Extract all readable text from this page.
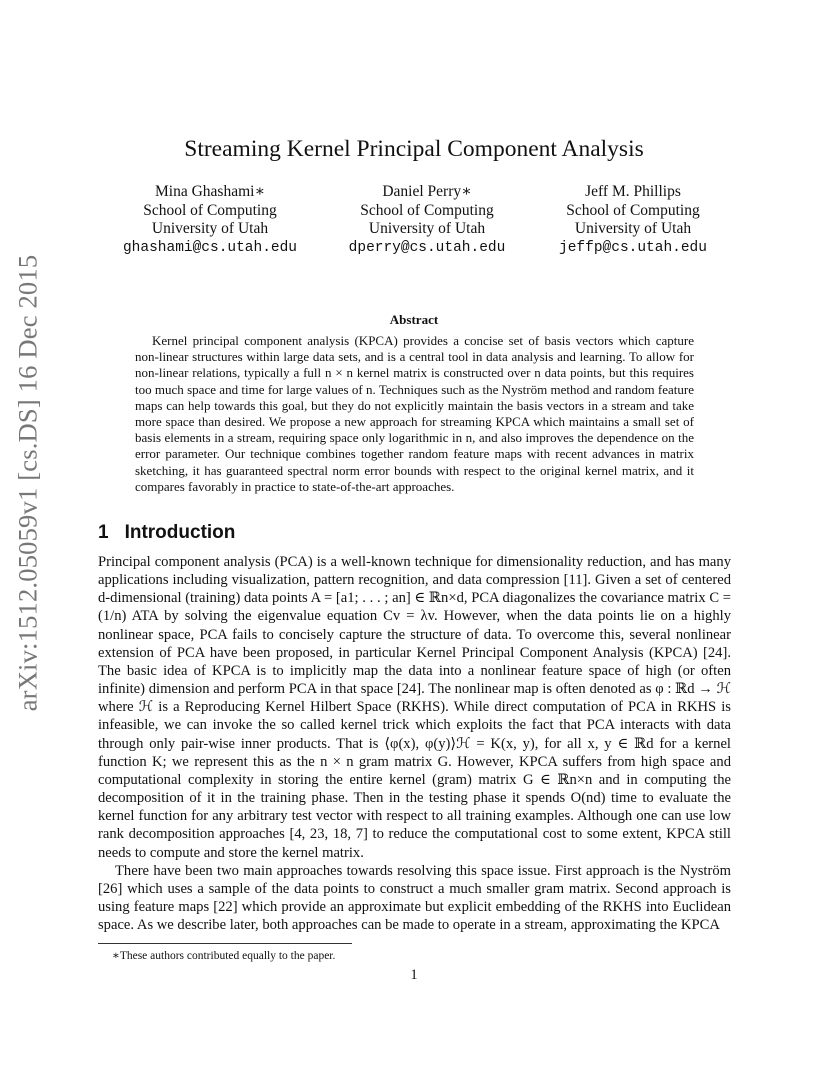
arXiv:1512.05059v1 [cs.DS] 16 Dec 2015
Streaming Kernel Principal Component Analysis
Mina Ghashami∗
School of Computing
University of Utah
ghashami@cs.utah.edu
Daniel Perry∗
School of Computing
University of Utah
dperry@cs.utah.edu
Jeff M. Phillips
School of Computing
University of Utah
jeffp@cs.utah.edu
Abstract

Kernel principal component analysis (KPCA) provides a concise set of basis vectors which capture non-linear structures within large data sets, and is a central tool in data analysis and learning. To allow for non-linear relations, typically a full n × n kernel matrix is constructed over n data points, but this requires too much space and time for large values of n. Techniques such as the Nyström method and random feature maps can help towards this goal, but they do not explicitly maintain the basis vectors in a stream and take more space than desired. We propose a new approach for streaming KPCA which maintains a small set of basis elements in a stream, requiring space only logarithmic in n, and also improves the dependence on the error parameter. Our technique combines together random feature maps with recent advances in matrix sketching, it has guaranteed spectral norm error bounds with respect to the original kernel matrix, and it compares favorably in practice to state-of-the-art approaches.

1 Introduction

Principal component analysis (PCA) is a well-known technique for dimensionality reduction, and has many applications including visualization, pattern recognition, and data compression [11]. Given a set of centered d-dimensional (training) data points A = [a1; . . . ; an] ∈ ℝn×d, PCA diagonalizes the covariance matrix C = (1/n) ATA by solving the eigenvalue equation Cv = λv. However, when the data points lie on a highly nonlinear space, PCA fails to concisely capture the structure of data. To overcome this, several nonlinear extension of PCA have been proposed, in particular Kernel Principal Component Analysis (KPCA) [24]. The basic idea of KPCA is to implicitly map the data into a nonlinear feature space of high (or often infinite) dimension and perform PCA in that space [24]. The nonlinear map is often denoted as φ : ℝd → ℋ where ℋ is a Reproducing Kernel Hilbert Space (RKHS). While direct computation of PCA in RKHS is infeasible, we can invoke the so called kernel trick which exploits the fact that PCA interacts with data through only pair-wise inner products. That is ⟨φ(x), φ(y)⟩ℋ = K(x, y), for all x, y ∈ ℝd for a kernel function K; we represent this as the n × n gram matrix G. However, KPCA suffers from high space and computational complexity in storing the entire kernel (gram) matrix G ∈ ℝn×n and in computing the decomposition of it in the training phase. Then in the testing phase it spends O(nd) time to evaluate the kernel function for any arbitrary test vector with respect to all training examples. Although one can use low rank decomposition approaches [4, 23, 18, 7] to reduce the computational cost to some extent, KPCA still needs to compute and store the kernel matrix.

There have been two main approaches towards resolving this space issue. First approach is the Nyström [26] which uses a sample of the data points to construct a much smaller gram matrix. Second approach is using feature maps [22] which provide an approximate but explicit embedding of the RKHS into Euclidean space. As we describe later, both approaches can be made to operate in a stream, approximating the KPCA

∗These authors contributed equally to the paper.
1
